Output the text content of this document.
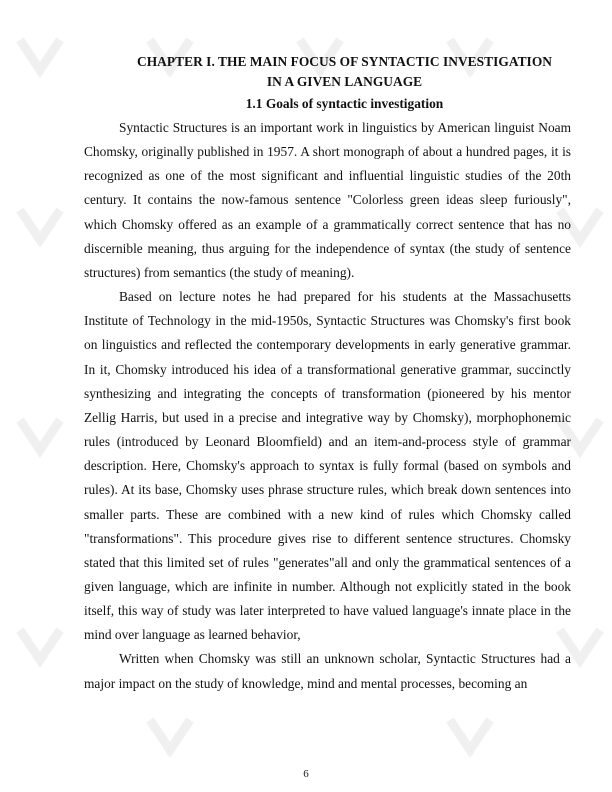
CHAPTER I. THE MAIN FOCUS OF SYNTACTIC INVESTIGATION
IN A GIVEN LANGUAGE

1.1 Goals of syntactic investigation

Syntactic Structures is an important work in linguistics by American linguist Noam Chomsky, originally published in 1957. A short monograph of about a hundred pages, it is recognized as one of the most significant and influential linguistic studies of the 20th century. It contains the now-famous sentence "Colorless green ideas sleep furiously", which Chomsky offered as an example of a grammatically correct sentence that has no discernible meaning, thus arguing for the independence of syntax (the study of sentence structures) from semantics (the study of meaning).

Based on lecture notes he had prepared for his students at the Massachusetts Institute of Technology in the mid-1950s, Syntactic Structures was Chomsky's first book on linguistics and reflected the contemporary developments in early generative grammar. In it, Chomsky introduced his idea of a transformational generative grammar, succinctly synthesizing and integrating the concepts of transformation (pioneered by his mentor Zellig Harris, but used in a precise and integrative way by Chomsky), morphophonemic rules (introduced by Leonard Bloomfield) and an item-and-process style of grammar description. Here, Chomsky's approach to syntax is fully formal (based on symbols and rules). At its base, Chomsky uses phrase structure rules, which break down sentences into smaller parts. These are combined with a new kind of rules which Chomsky called "transformations". This procedure gives rise to different sentence structures. Chomsky stated that this limited set of rules "generates"all and only the grammatical sentences of a given language, which are infinite in number. Although not explicitly stated in the book itself, this way of study was later interpreted to have valued language's innate place in the mind over language as learned behavior,

Written when Chomsky was still an unknown scholar, Syntactic Structures had a major impact on the study of knowledge, mind and mental processes, becoming an

6
